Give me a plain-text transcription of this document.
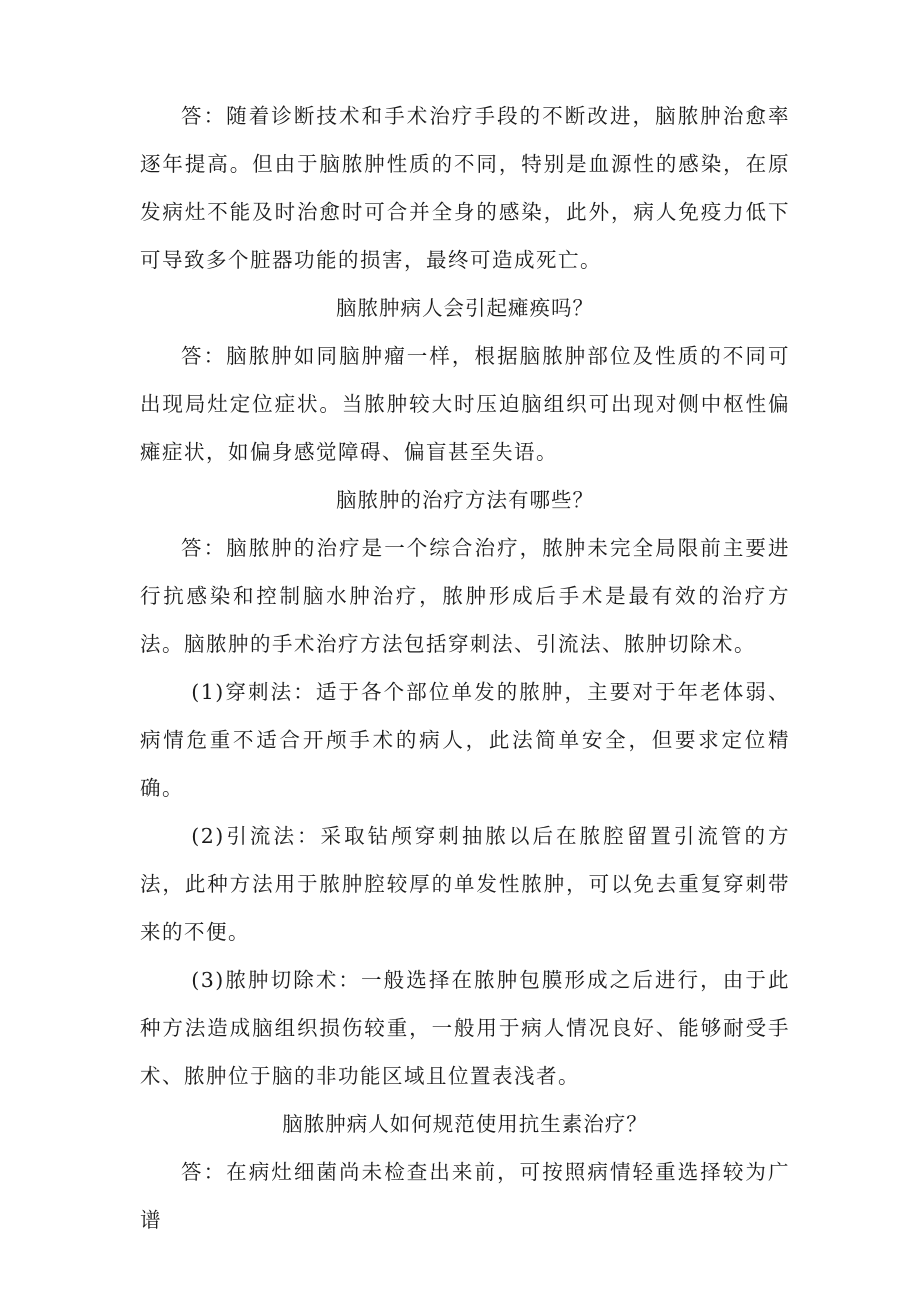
答：随着诊断技术和手术治疗手段的不断改进，脑脓肿治愈率逐年提高。但由于脑脓肿性质的不同，特别是血源性的感染，在原发病灶不能及时治愈时可合并全身的感染，此外，病人免疫力低下可导致多个脏器功能的损害，最终可造成死亡。

脑脓肿病人会引起瘫痪吗？

答：脑脓肿如同脑肿瘤一样，根据脑脓肿部位及性质的不同可出现局灶定位症状。当脓肿较大时压迫脑组织可出现对侧中枢性偏瘫症状，如偏身感觉障碍、偏盲甚至失语。

脑脓肿的治疗方法有哪些？

答：脑脓肿的治疗是一个综合治疗，脓肿未完全局限前主要进行抗感染和控制脑水肿治疗，脓肿形成后手术是最有效的治疗方法。脑脓肿的手术治疗方法包括穿刺法、引流法、脓肿切除术。

(1)穿刺法：适于各个部位单发的脓肿，主要对于年老体弱、病情危重不适合开颅手术的病人，此法简单安全，但要求定位精确。

(2)引流法：采取钻颅穿刺抽脓以后在脓腔留置引流管的方法，此种方法用于脓肿腔较厚的单发性脓肿，可以免去重复穿刺带来的不便。

(3)脓肿切除术：一般选择在脓肿包膜形成之后进行，由于此种方法造成脑组织损伤较重，一般用于病人情况良好、能够耐受手术、脓肿位于脑的非功能区域且位置表浅者。

脑脓肿病人如何规范使用抗生素治疗？

答：在病灶细菌尚未检查出来前，可按照病情轻重选择较为广谱
